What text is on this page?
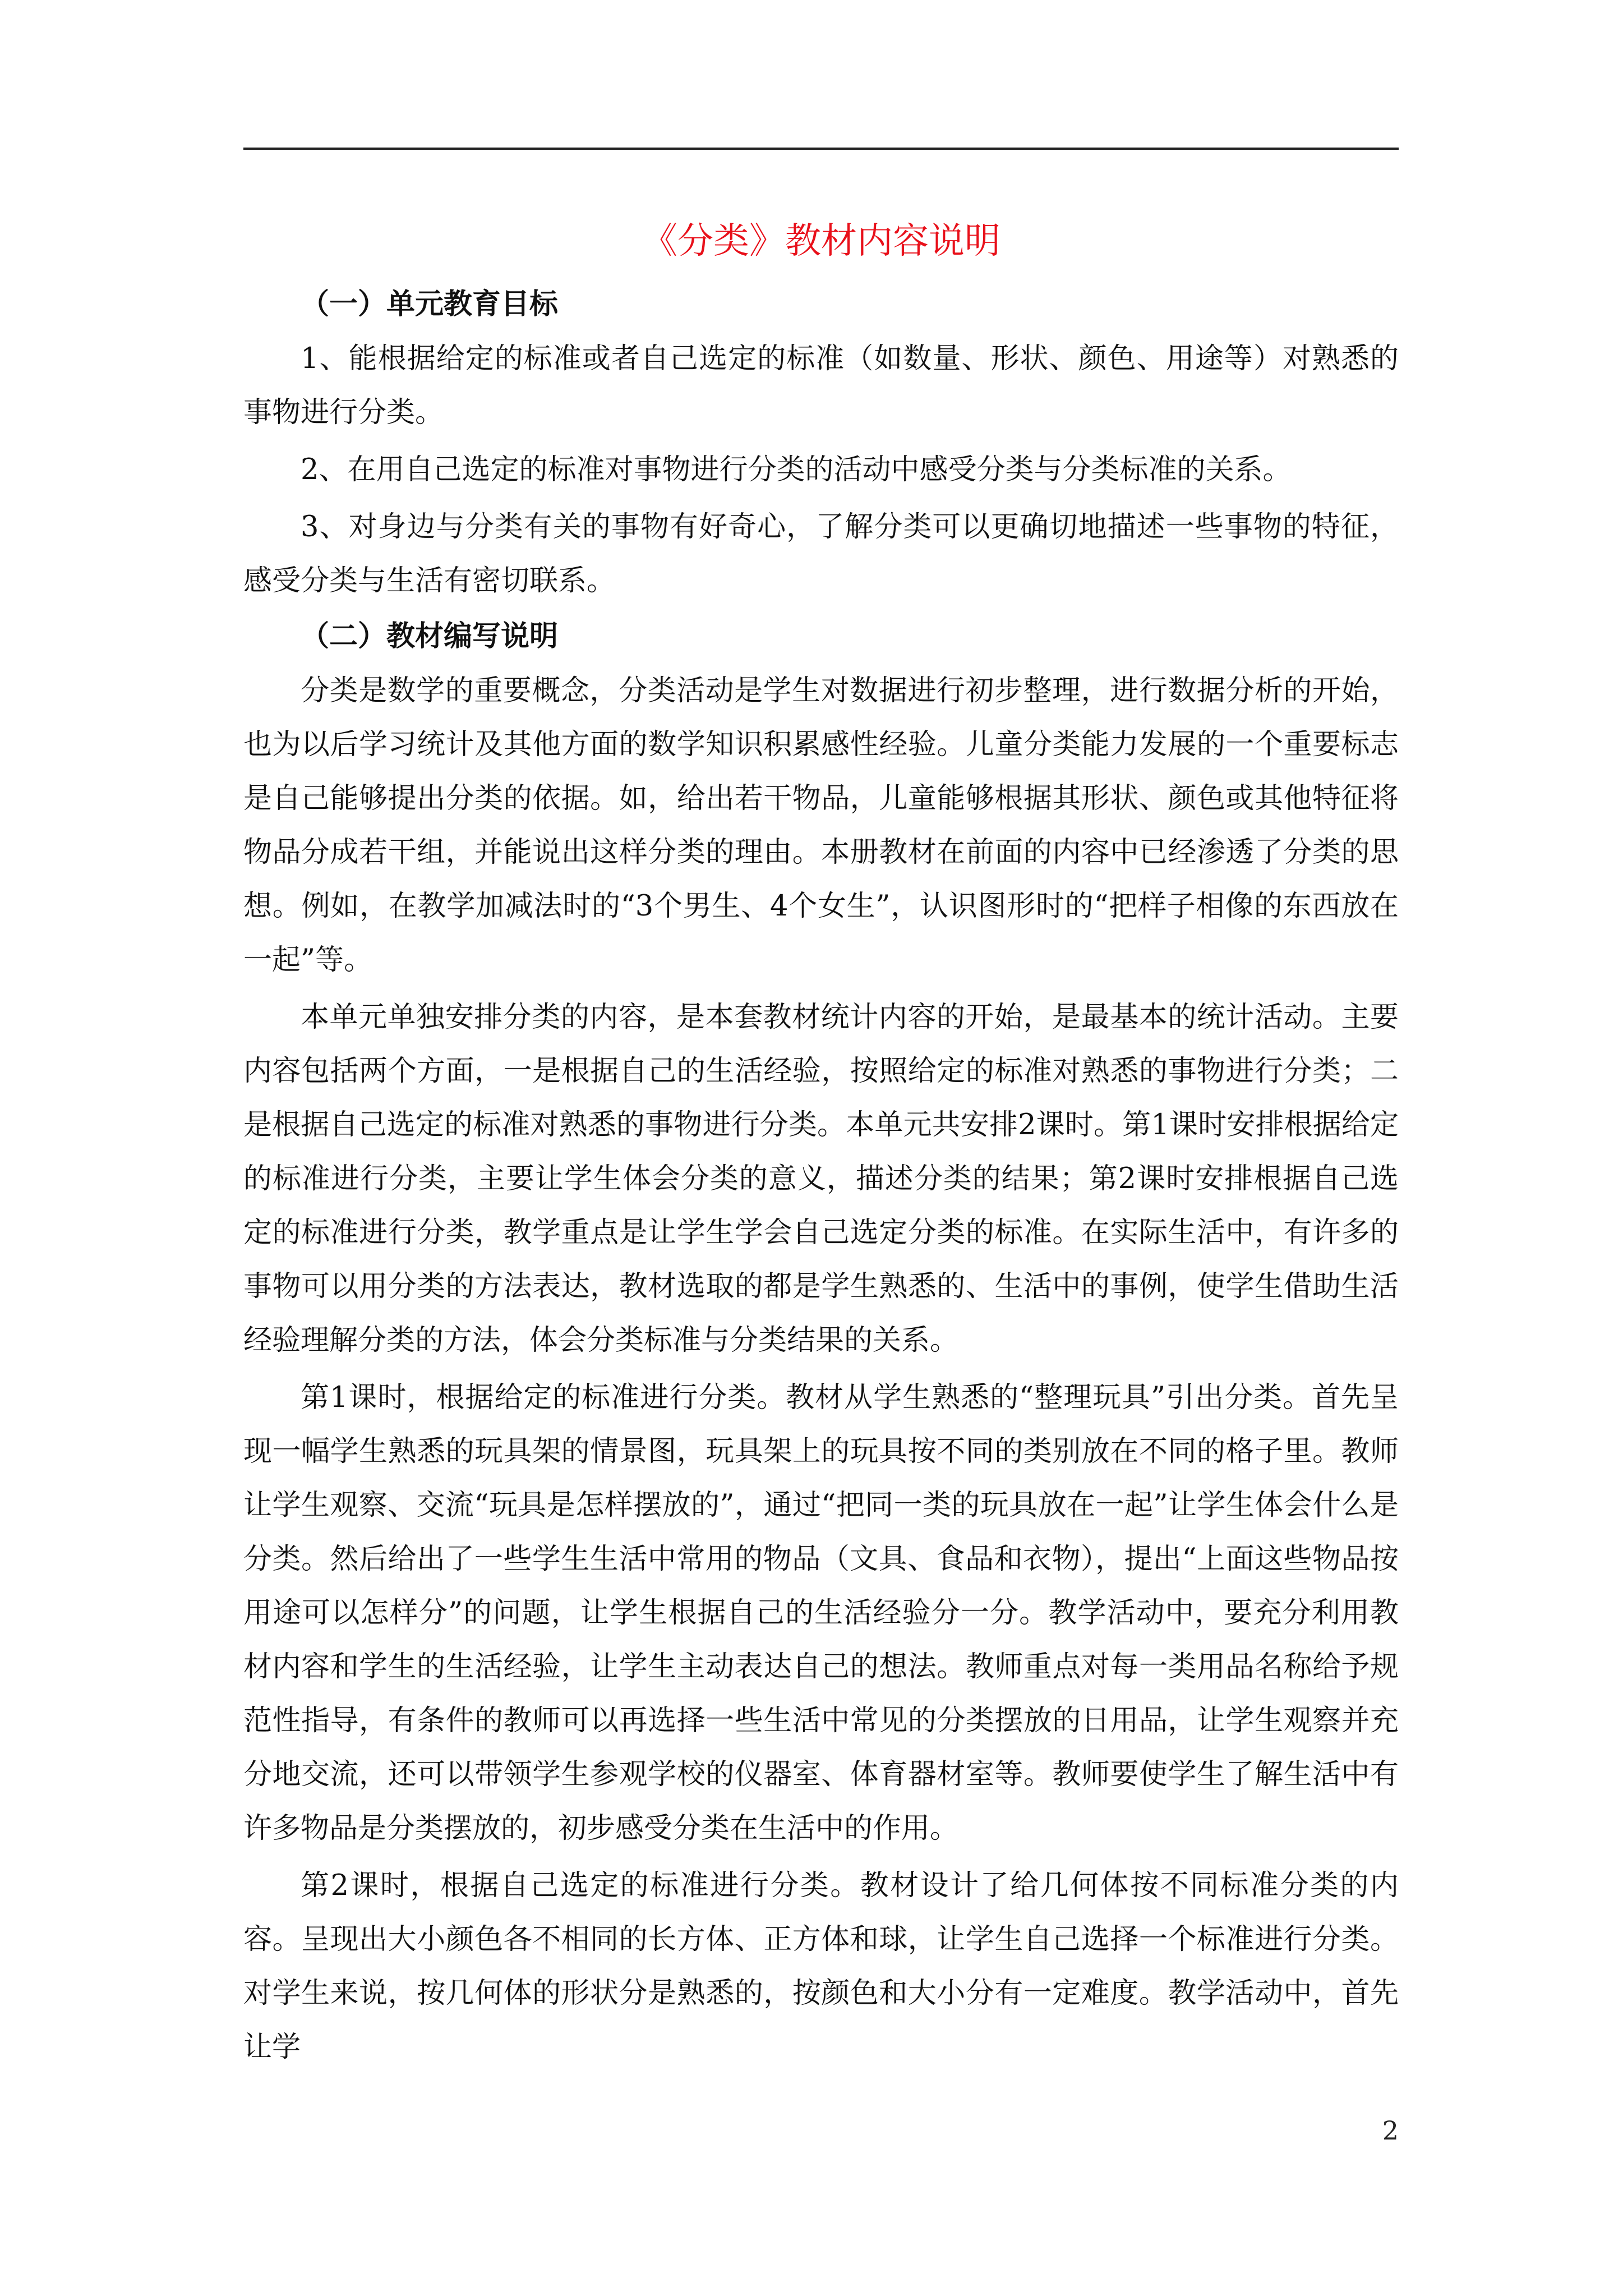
《分类》教材内容说明

（一）单元教育目标

1、能根据给定的标准或者自己选定的标准（如数量、形状、颜色、用途等）对熟悉的事物进行分类。

2、在用自己选定的标准对事物进行分类的活动中感受分类与分类标准的关系。

3、对身边与分类有关的事物有好奇心，了解分类可以更确切地描述一些事物的特征，感受分类与生活有密切联系。

（二）教材编写说明

分类是数学的重要概念，分类活动是学生对数据进行初步整理，进行数据分析的开始，也为以后学习统计及其他方面的数学知识积累感性经验。儿童分类能力发展的一个重要标志是自己能够提出分类的依据。如，给出若干物品，儿童能够根据其形状、颜色或其他特征将物品分成若干组，并能说出这样分类的理由。本册教材在前面的内容中已经渗透了分类的思想。例如，在教学加减法时的“3个男生、4个女生”，认识图形时的“把样子相像的东西放在一起”等。

本单元单独安排分类的内容，是本套教材统计内容的开始，是最基本的统计活动。主要内容包括两个方面，一是根据自己的生活经验，按照给定的标准对熟悉的事物进行分类；二是根据自己选定的标准对熟悉的事物进行分类。本单元共安排2课时。第1课时安排根据给定的标准进行分类，主要让学生体会分类的意义，描述分类的结果；第2课时安排根据自己选定的标准进行分类，教学重点是让学生学会自己选定分类的标准。在实际生活中，有许多的事物可以用分类的方法表达，教材选取的都是学生熟悉的、生活中的事例，使学生借助生活经验理解分类的方法，体会分类标准与分类结果的关系。

第1课时，根据给定的标准进行分类。教材从学生熟悉的“整理玩具”引出分类。首先呈现一幅学生熟悉的玩具架的情景图，玩具架上的玩具按不同的类别放在不同的格子里。教师让学生观察、交流“玩具是怎样摆放的”，通过“把同一类的玩具放在一起”让学生体会什么是分类。然后给出了一些学生生活中常用的物品（文具、食品和衣物），提出“上面这些物品按用途可以怎样分”的问题，让学生根据自己的生活经验分一分。教学活动中，要充分利用教材内容和学生的生活经验，让学生主动表达自己的想法。教师重点对每一类用品名称给予规范性指导，有条件的教师可以再选择一些生活中常见的分类摆放的日用品，让学生观察并充分地交流，还可以带领学生参观学校的仪器室、体育器材室等。教师要使学生了解生活中有许多物品是分类摆放的，初步感受分类在生活中的作用。

第2课时，根据自己选定的标准进行分类。教材设计了给几何体按不同标准分类的内容。呈现出大小颜色各不相同的长方体、正方体和球，让学生自己选择一个标准进行分类。对学生来说，按几何体的形状分是熟悉的，按颜色和大小分有一定难度。教学活动中，首先让学

2
